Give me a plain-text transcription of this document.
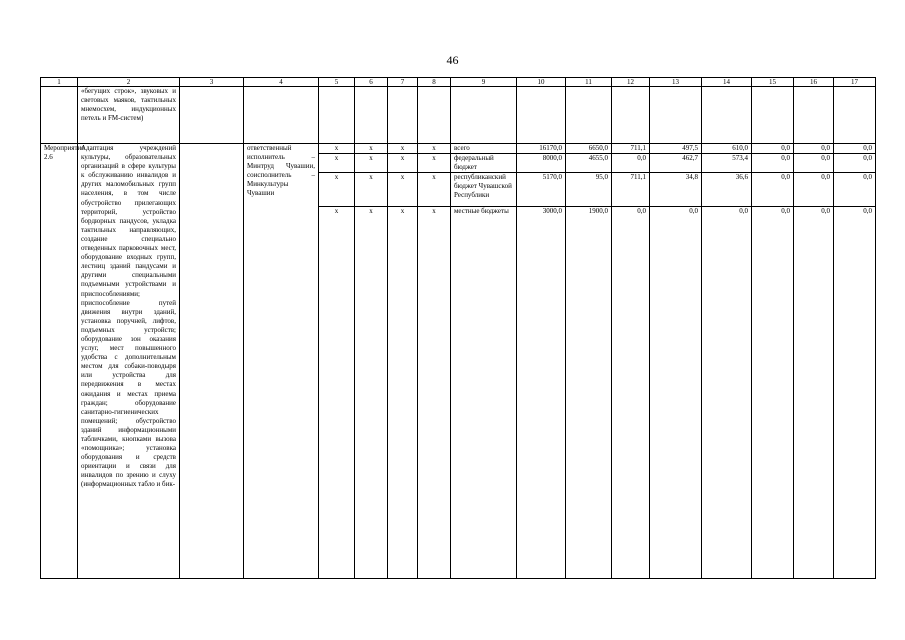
46
1	2	3	4	5	6	7	8	9	10	11	12	13	14	15	16	17
	«бегущих строк», звуковых и световых маяков, тактильных мнемосхем, индукционных петель и FM-систем)															
Мероприятие 2.6	Адаптация учреждений культуры, образовательных организаций в сфере культуры к обслуживанию инвалидов и других маломобильных групп населения, в том числе обустройство прилегающих территорий, устройство бордюрных пандусов, укладка тактильных направляющих, создание специально отведенных парковочных мест, оборудование входных групп, лестниц зданий пандусами и другими специальными подъемными устройствами и приспособлениями; приспособление путей движения внутри зданий, установка поручней, лифтов, подъемных устройств; оборудование зон оказания услуг, мест повышенного удобства с дополнительным местом для собаки-поводыря или устройства для передвижения в местах ожидания и местах приема граждан; оборудование санитарно-гигиенических помещений; обустройство зданий информационными табличками, кнопками вызова «помощника»; установка оборудования и средств ориентации и связи для инвалидов по зрению и слуху (информационных табло и бик-		ответственный исполнитель – Минтруд Чувашии, соисполнитель – Минкультуры Чувашии	х	х	х	х	всего	16170,0	6650,0	711,1	497,5	610,0	0,0	0,0	0,0
				х	х	х	х	федеральный бюджет	8000,0	4655,0	0,0	462,7	573,4	0,0	0,0	0,0
				х	х	х	х	республиканский бюджет Чувашской Республики	5170,0	95,0	711,1	34,8	36,6	0,0	0,0	0,0
				х	х	х	х	местные бюджеты	3000,0	1900,0	0,0	0,0	0,0	0,0	0,0	0,0
